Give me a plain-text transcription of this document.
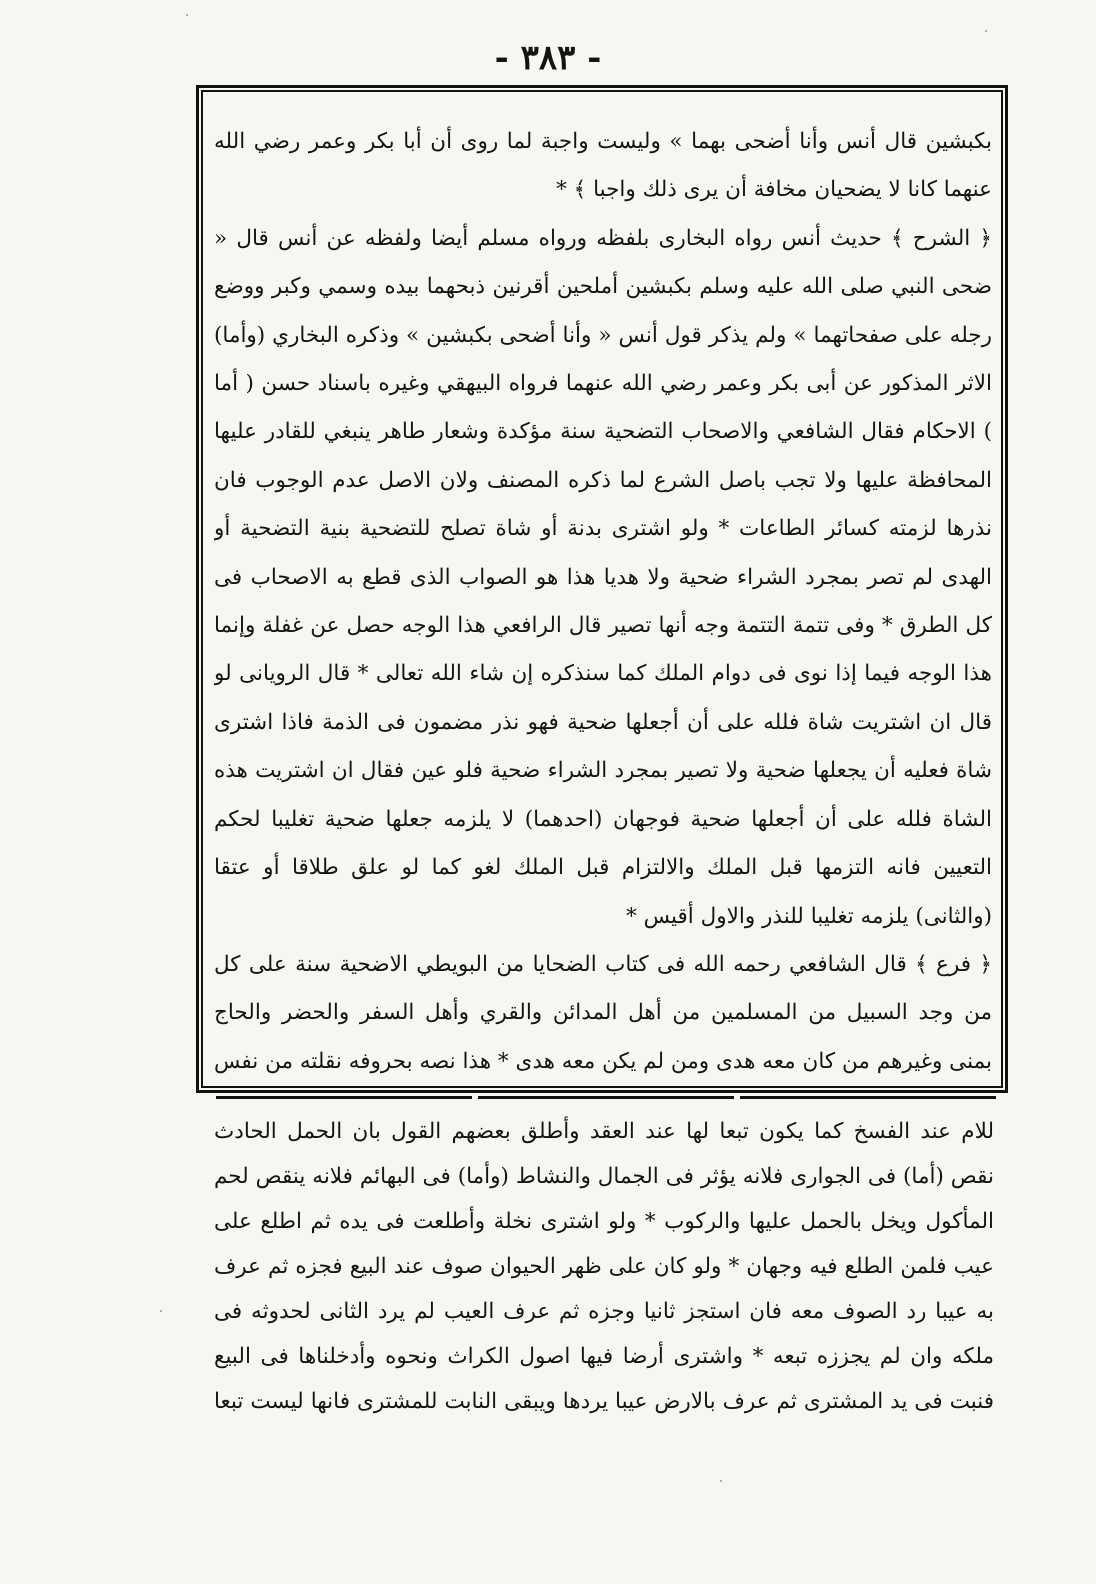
- ٣٨٣ -

بكبشين قال أنس وأنا أضحى بهما » وليست واجبة لما روى أن أبا بكر وعمر رضي الله عنهما كانا لا يضحيان مخافة أن يرى ذلك واجبا ﴾ *

﴿ الشرح ﴾ حديث أنس رواه البخارى بلفظه ورواه مسلم أيضا ولفظه عن أنس قال « ضحى النبي صلى الله عليه وسلم بكبشين أملحين أقرنين ذبحهما بيده وسمي وكبر ووضع رجله على صفحاتهما » ولم يذكر قول أنس « وأنا أضحى بكبشين » وذكره البخاري (وأما) الاثر المذكور عن أبى بكر وعمر رضي الله عنهما فرواه البيهقي وغيره باسناد حسن ( أما ) الاحكام فقال الشافعي والاصحاب التضحية سنة مؤكدة وشعار طاهر ينبغي للقادر عليها المحافظة عليها ولا تجب باصل الشرع لما ذكره المصنف ولان الاصل عدم الوجوب فان نذرها لزمته كسائر الطاعات * ولو اشترى بدنة أو شاة تصلح للتضحية بنية التضحية أو الهدى لم تصر بمجرد الشراء ضحية ولا هديا هذا هو الصواب الذى قطع به الاصحاب فى كل الطرق * وفى تتمة التتمة وجه أنها تصير قال الرافعي هذا الوجه حصل عن غفلة وإنما هذا الوجه فيما إذا نوى فى دوام الملك كما سنذكره إن شاء الله تعالى * قال الرويانى لو قال ان اشتريت شاة فلله على أن أجعلها ضحية فهو نذر مضمون فى الذمة فاذا اشترى شاة فعليه أن يجعلها ضحية ولا تصير بمجرد الشراء ضحية فلو عين فقال ان اشتريت هذه الشاة فلله على أن أجعلها ضحية فوجهان (احدهما) لا يلزمه جعلها ضحية تغليبا لحكم التعيين فانه التزمها قبل الملك والالتزام قبل الملك لغو كما لو علق طلاقا أو عتقا (والثانى) يلزمه تغليبا للنذر والاول أقيس *

﴿ فرع ﴾ قال الشافعي رحمه الله فى كتاب الضحايا من البويطي الاضحية سنة على كل من وجد السبيل من المسلمين من أهل المدائن والقري وأهل السفر والحضر والحاج بمنى وغيرهم من كان معه هدى ومن لم يكن معه هدى * هذا نصه بحروفه نقلته من نفس

للام عند الفسخ كما يكون تبعا لها عند العقد وأطلق بعضهم القول بان الحمل الحادث نقص (أما) فى الجوارى فلانه يؤثر فى الجمال والنشاط (وأما) فى البهائم فلانه ينقص لحم المأكول ويخل بالحمل عليها والركوب * ولو اشترى نخلة وأطلعت فى يده ثم اطلع على عيب فلمن الطلع فيه وجهان * ولو كان على ظهر الحيوان صوف عند البيع فجزه ثم عرف به عيبا رد الصوف معه فان استجز ثانيا وجزه ثم عرف العيب لم يرد الثانى لحدوثه فى ملكه وان لم يجززه تبعه * واشترى أرضا فيها اصول الكراث ونحوه وأدخلناها فى البيع فنبت فى يد المشترى ثم عرف بالارض عيبا يردها ويبقى النابت للمشترى فانها ليست تبعا
